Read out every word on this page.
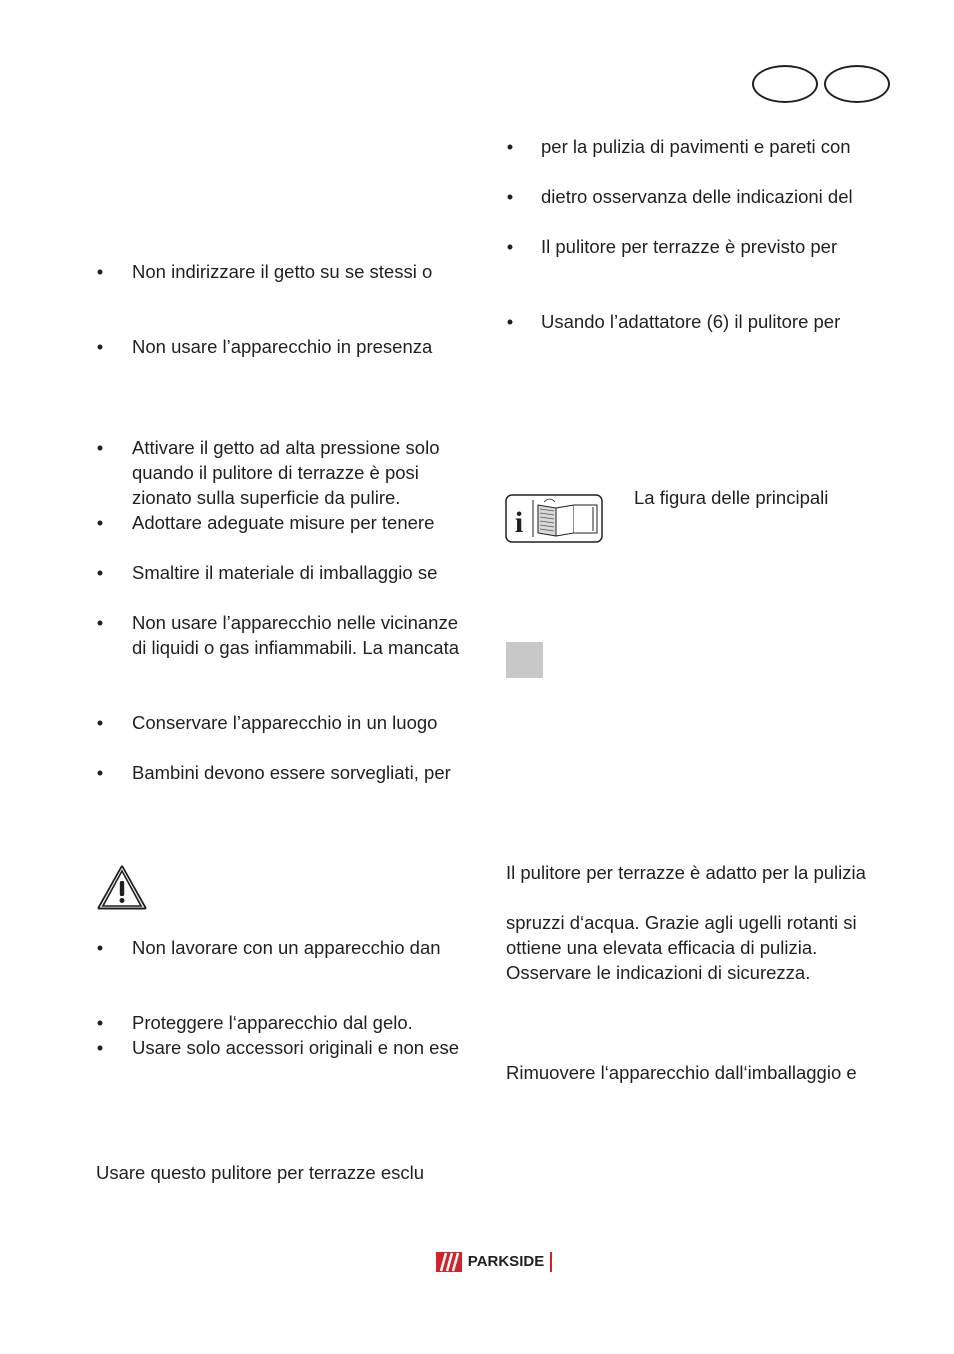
• Non indirizzare il getto su se stessi o
• Non usare l’apparecchio in presenza
• Attivare il getto ad alta pressione solo
quando il pulitore di terrazze è posi
zionato sulla superficie da pulire.
• Adottare adeguate misure per tenere
• Smaltire il materiale di imballaggio se
• Non usare l’apparecchio nelle vicinanze
di liquidi o gas infiammabili. La mancata
• Conservare l’apparecchio in un luogo
• Bambini devono essere sorvegliati, per
• Non lavorare con un apparecchio dan
• Proteggere l‘apparecchio dal gelo.
• Usare solo accessori originali e non ese
Usare questo pulitore per terrazze esclu
• per la pulizia di pavimenti e pareti con
• dietro osservanza delle indicazioni del
• Il pulitore per terrazze è previsto per
• Usando l’adattatore (6) il pulitore per
i
La figura delle principali
Il pulitore per terrazze è adatto per la pulizia
spruzzi d‘acqua. Grazie agli ugelli rotanti si
ottiene una elevata efficacia di pulizia.
Osservare le indicazioni di sicurezza.
Rimuovere l‘apparecchio dall‘imballaggio e
PARKSIDE
